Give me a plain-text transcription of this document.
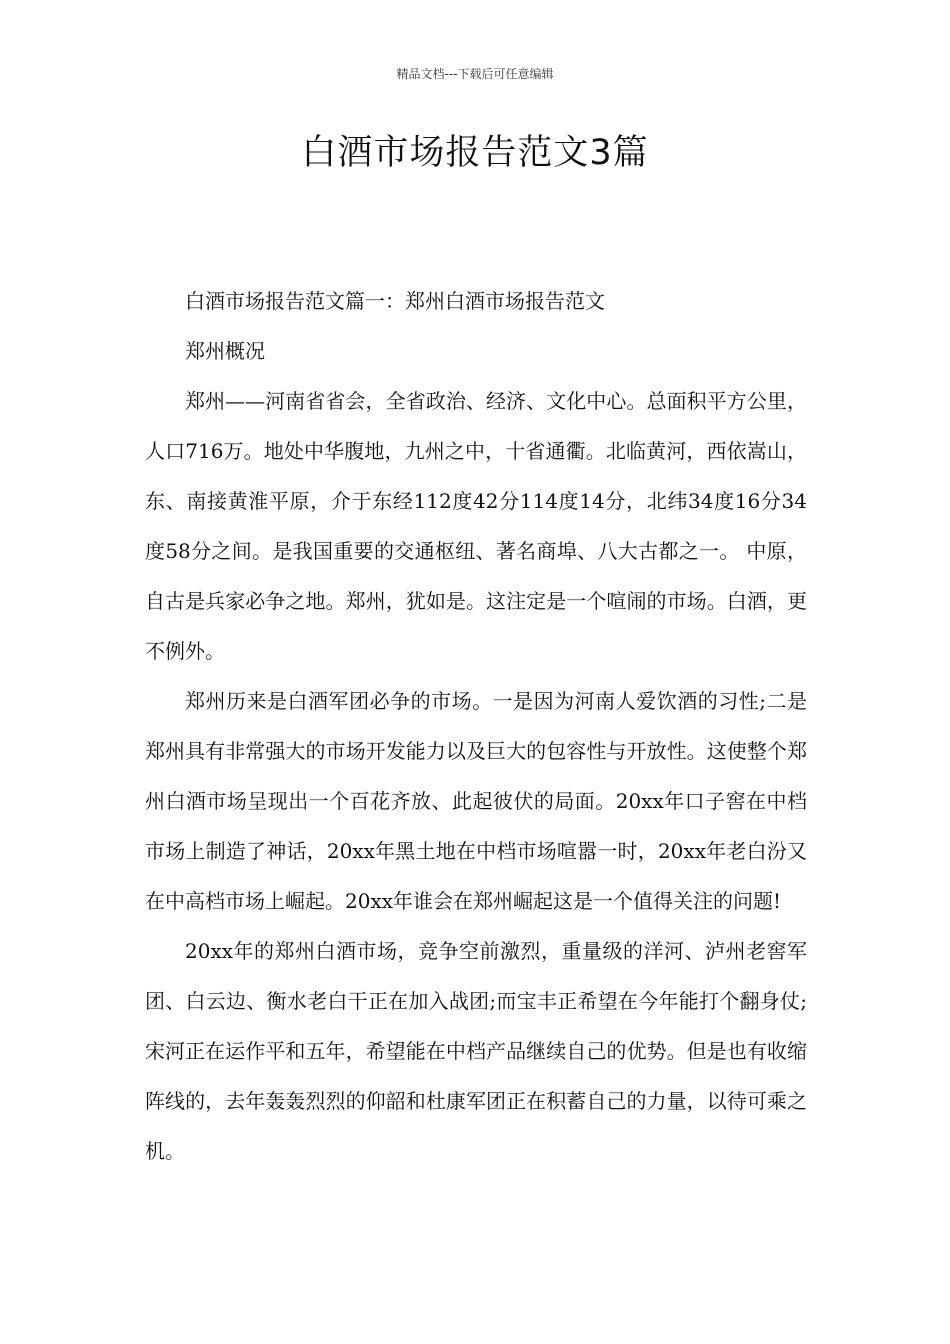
精品文档---下载后可任意编辑
白酒市场报告范文3篇

白酒市场报告范文篇一：郑州白酒市场报告范文

郑州概况

郑州——河南省省会，全省政治、经济、文化中心。总面积平方公里，人口716万。地处中华腹地，九州之中，十省通衢。北临黄河，西依嵩山，东、南接黄淮平原，介于东经112度42分114度14分，北纬34度16分34度58分之间。是我国重要的交通枢纽、著名商埠、八大古都之一。 中原，自古是兵家必争之地。郑州，犹如是。这注定是一个喧闹的市场。白酒，更不例外。

郑州历来是白酒军团必争的市场。一是因为河南人爱饮酒的习性;二是郑州具有非常强大的市场开发能力以及巨大的包容性与开放性。这使整个郑州白酒市场呈现出一个百花齐放、此起彼伏的局面。20xx年口子窖在中档市场上制造了神话，20xx年黑土地在中档市场喧嚣一时，20xx年老白汾又在中高档市场上崛起。20xx年谁会在郑州崛起这是一个值得关注的问题!

20xx年的郑州白酒市场，竞争空前激烈，重量级的洋河、泸州老窖军团、白云边、衡水老白干正在加入战团;而宝丰正希望在今年能打个翻身仗;宋河正在运作平和五年，希望能在中档产品继续自己的优势。但是也有收缩阵线的，去年轰轰烈烈的仰韶和杜康军团正在积蓄自己的力量，以待可乘之机。
